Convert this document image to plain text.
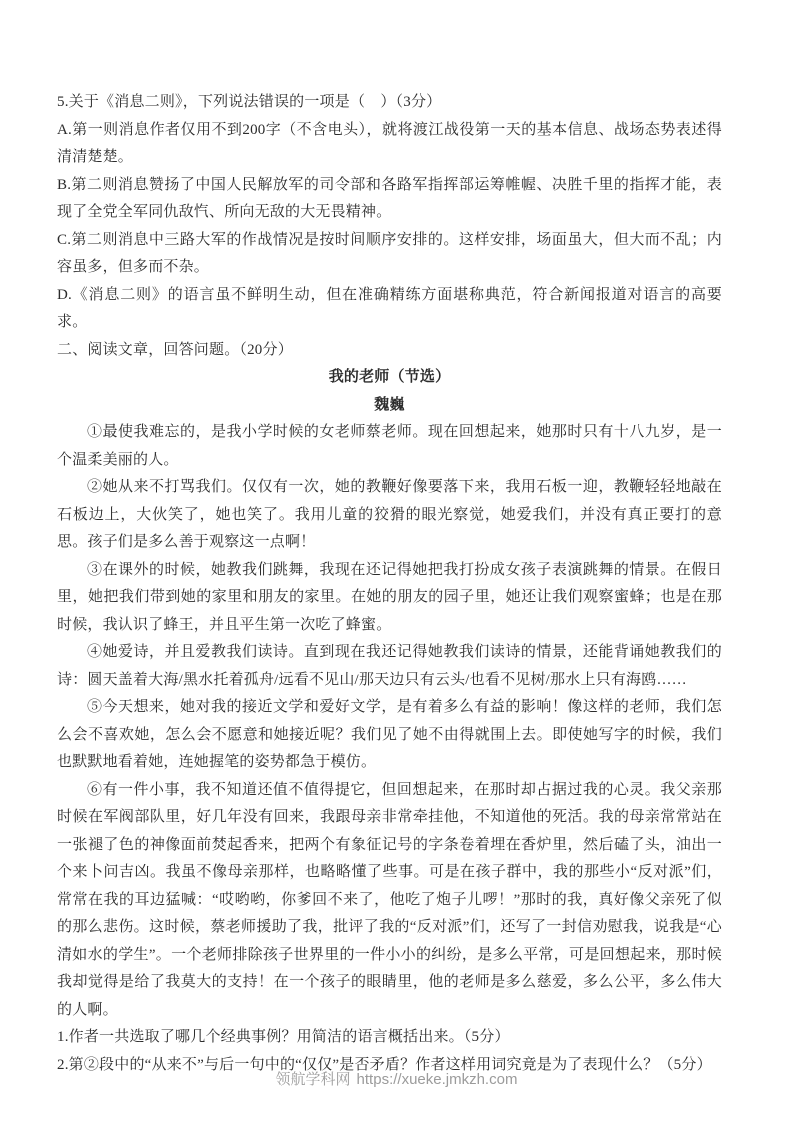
5.关于《消息二则》，下列说法错误的一项是（　）（3分）

A.第一则消息作者仅用不到200字（不含电头），就将渡江战役第一天的基本信息、战场态势表述得清清楚楚。

B.第二则消息赞扬了中国人民解放军的司令部和各路军指挥部运筹帷幄、决胜千里的指挥才能，表现了全党全军同仇敌忾、所向无敌的大无畏精神。

C.第二则消息中三路大军的作战情况是按时间顺序安排的。这样安排，场面虽大，但大而不乱；内容虽多，但多而不杂。

D.《消息二则》的语言虽不鲜明生动，但在准确精练方面堪称典范，符合新闻报道对语言的高要求。

二、阅读文章，回答问题。（20分）

我的老师（节选）

魏巍

①最使我难忘的，是我小学时候的女老师蔡老师。现在回想起来，她那时只有十八九岁，是一个温柔美丽的人。

②她从来不打骂我们。仅仅有一次，她的教鞭好像要落下来，我用石板一迎，教鞭轻轻地敲在石板边上，大伙笑了，她也笑了。我用儿童的狡猾的眼光察觉，她爱我们，并没有真正要打的意思。孩子们是多么善于观察这一点啊！

③在课外的时候，她教我们跳舞，我现在还记得她把我打扮成女孩子表演跳舞的情景。在假日里，她把我们带到她的家里和朋友的家里。在她的朋友的园子里，她还让我们观察蜜蜂；也是在那时候，我认识了蜂王，并且平生第一次吃了蜂蜜。

④她爱诗，并且爱教我们读诗。直到现在我还记得她教我们读诗的情景，还能背诵她教我们的诗：圆天盖着大海/黑水托着孤舟/远看不见山/那天边只有云头/也看不见树/那水上只有海鸥……

⑤今天想来，她对我的接近文学和爱好文学，是有着多么有益的影响！像这样的老师，我们怎么会不喜欢她，怎么会不愿意和她接近呢？我们见了她不由得就围上去。即使她写字的时候，我们也默默地看着她，连她握笔的姿势都急于模仿。

⑥有一件小事，我不知道还值不值得提它，但回想起来，在那时却占据过我的心灵。我父亲那时候在军阀部队里，好几年没有回来，我跟母亲非常牵挂他，不知道他的死活。我的母亲常常站在一张褪了色的神像面前焚起香来，把两个有象征记号的字条卷着埋在香炉里，然后磕了头，油出一个来卜问吉凶。我虽不像母亲那样，也略略懂了些事。可是在孩子群中，我的那些小“反对派”们，常常在我的耳边猛喊：“哎哟哟，你爹回不来了，他吃了炮子儿啰！”那时的我，真好像父亲死了似的那么悲伤。这时候，蔡老师援助了我，批评了我的“反对派”们，还写了一封信劝慰我，说我是“心清如水的学生”。一个老师排除孩子世界里的一件小小的纠纷，是多么平常，可是回想起来，那时候我却觉得是给了我莫大的支持！在一个孩子的眼睛里，他的老师是多么慈爱，多么公平，多么伟大的人啊。

1.作者一共选取了哪几个经典事例？用简洁的语言概括出来。（5分）

2.第②段中的“从来不”与后一句中的“仅仅”是否矛盾？作者这样用词究竟是为了表现什么？（5分）

领航学科网 https://xueke.jmkzh.com
